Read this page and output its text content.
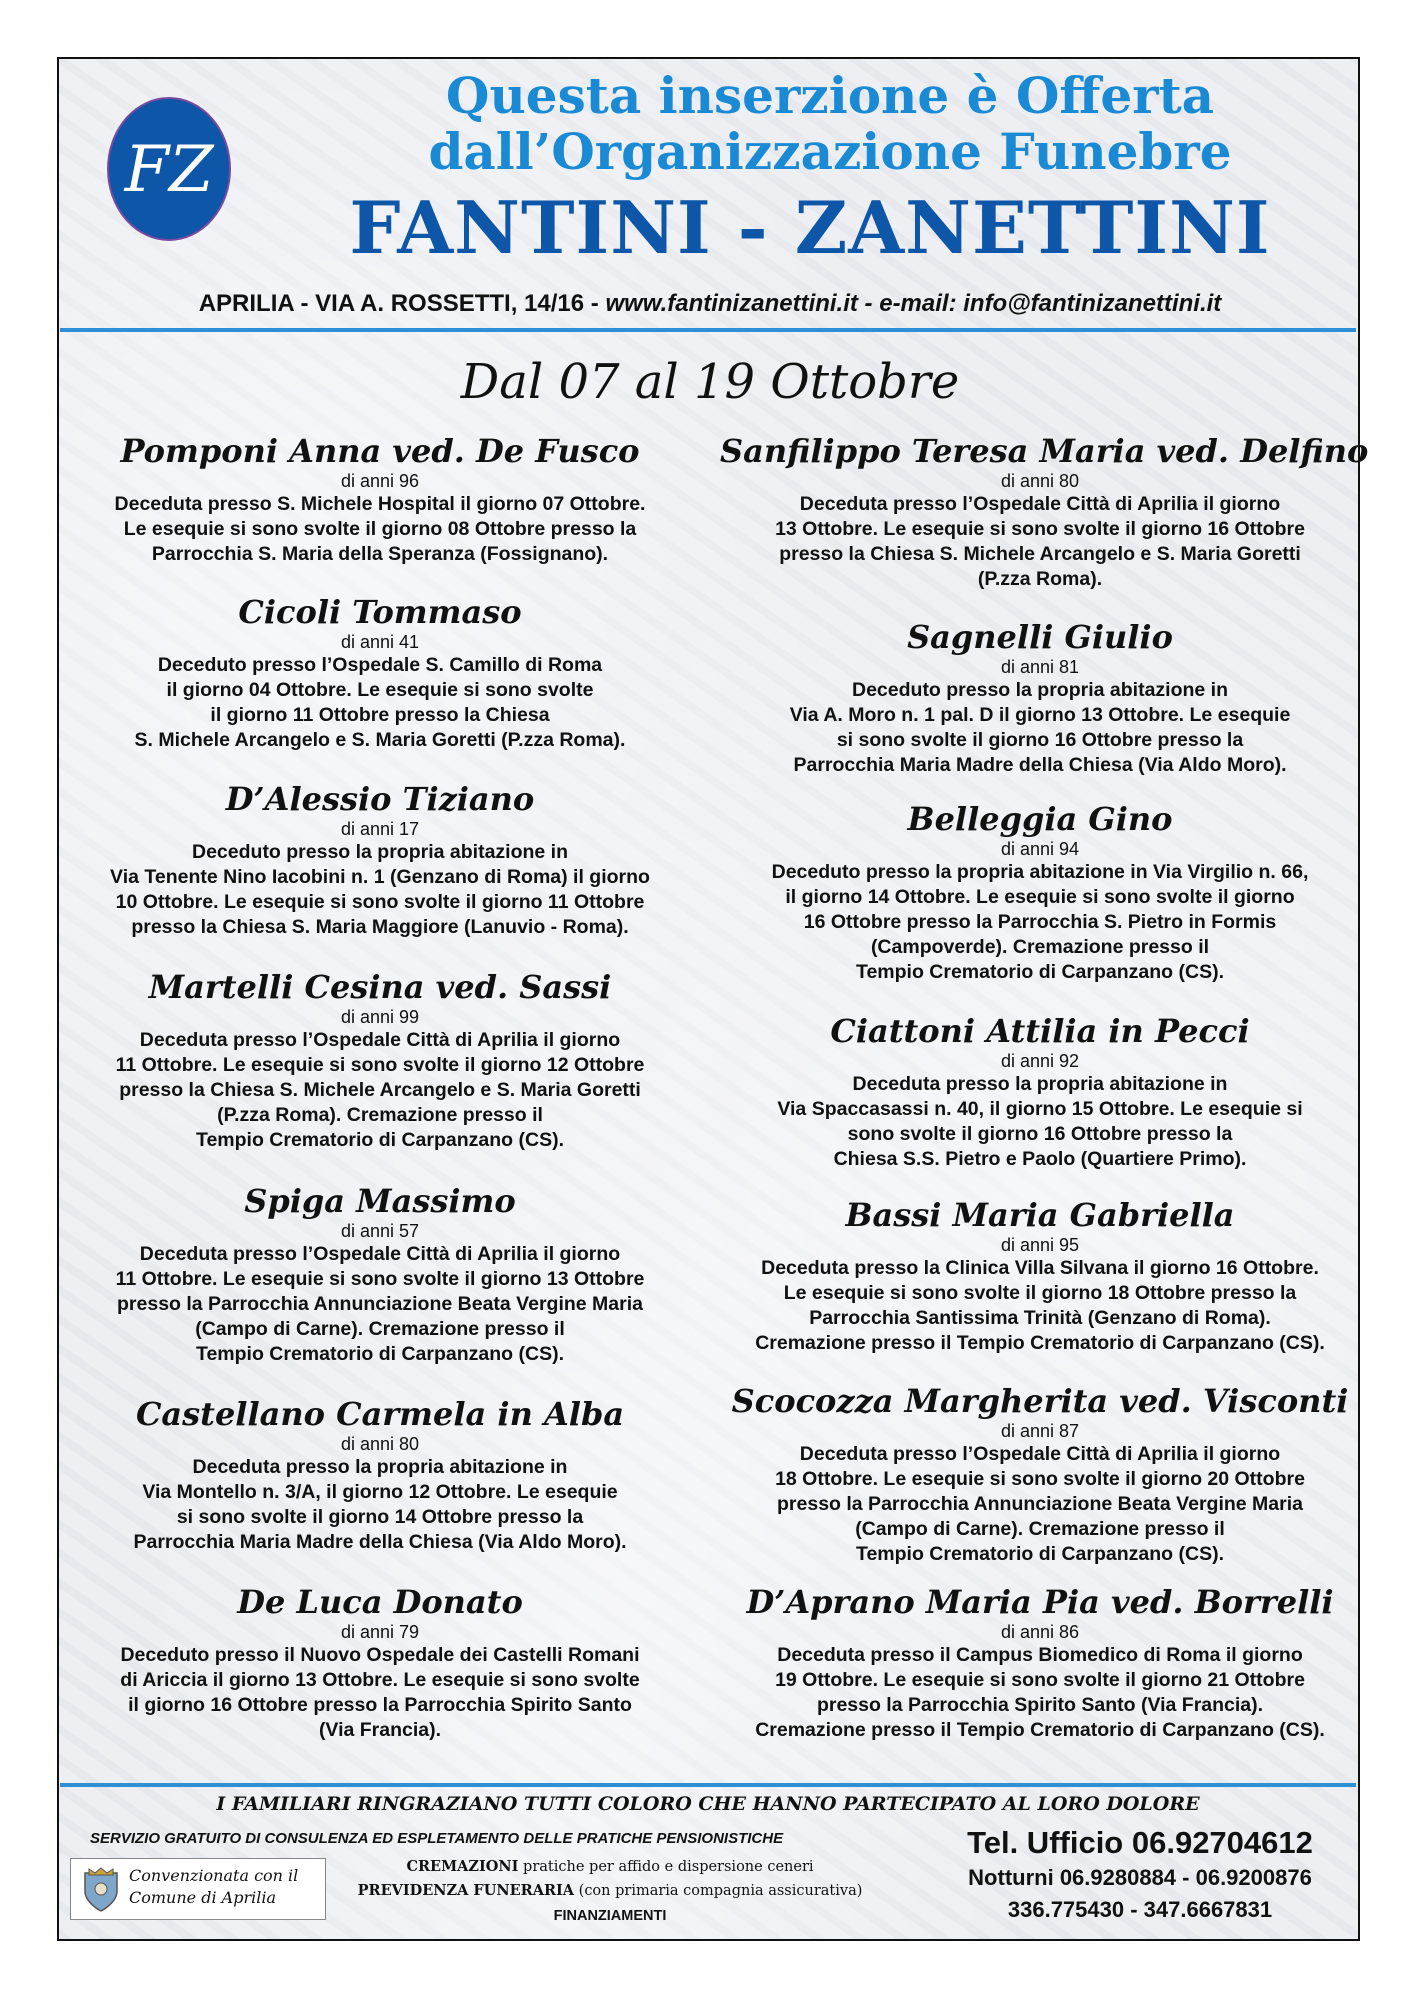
FZ
Questa inserzione è Offerta
dall’Organizzazione Funebre
FANTINI - ZANETTINI
APRILIA - VIA A. ROSSETTI, 14/16 - www.fantinizanettini.it - e-mail: info@fantinizanettini.it
Dal 07 al 19 Ottobre
Pomponi Anna ved. De Fusco
di anni 96
Deceduta presso S. Michele Hospital il giorno 07 Ottobre.
Le esequie si sono svolte il giorno 08 Ottobre presso la
Parrocchia S. Maria della Speranza (Fossignano).
Cicoli Tommaso
di anni 41
Deceduto presso l’Ospedale S. Camillo di Roma
il giorno 04 Ottobre. Le esequie si sono svolte
il giorno 11 Ottobre presso la Chiesa
S. Michele Arcangelo e S. Maria Goretti (P.zza Roma).
D’Alessio Tiziano
di anni 17
Deceduto presso la propria abitazione in
Via Tenente Nino Iacobini n. 1 (Genzano di Roma) il giorno
10 Ottobre. Le esequie si sono svolte il giorno 11 Ottobre
presso la Chiesa S. Maria Maggiore (Lanuvio - Roma).
Martelli Cesina ved. Sassi
di anni 99
Deceduta presso l’Ospedale Città di Aprilia il giorno
11 Ottobre. Le esequie si sono svolte il giorno 12 Ottobre
presso la Chiesa S. Michele Arcangelo e S. Maria Goretti
(P.zza Roma). Cremazione presso il
Tempio Crematorio di Carpanzano (CS).
Spiga Massimo
di anni 57
Deceduta presso l’Ospedale Città di Aprilia il giorno
11 Ottobre. Le esequie si sono svolte il giorno 13 Ottobre
presso la Parrocchia Annunciazione Beata Vergine Maria
(Campo di Carne). Cremazione presso il
Tempio Crematorio di Carpanzano (CS).
Castellano Carmela in Alba
di anni 80
Deceduta presso la propria abitazione in
Via Montello n. 3/A, il giorno 12 Ottobre. Le esequie
si sono svolte il giorno 14 Ottobre presso la
Parrocchia Maria Madre della Chiesa (Via Aldo Moro).
De Luca Donato
di anni 79
Deceduto presso il Nuovo Ospedale dei Castelli Romani
di Ariccia il giorno 13 Ottobre. Le esequie si sono svolte
il giorno 16 Ottobre presso la Parrocchia Spirito Santo
(Via Francia).
Sanfilippo Teresa Maria ved. Delfino
di anni 80
Deceduta presso l’Ospedale Città di Aprilia il giorno
13 Ottobre. Le esequie si sono svolte il giorno 16 Ottobre
presso la Chiesa S. Michele Arcangelo e S. Maria Goretti
(P.zza Roma).
Sagnelli Giulio
di anni 81
Deceduto presso la propria abitazione in
Via A. Moro n. 1 pal. D il giorno 13 Ottobre. Le esequie
si sono svolte il giorno 16 Ottobre presso la
Parrocchia Maria Madre della Chiesa (Via Aldo Moro).
Belleggia Gino
di anni 94
Deceduto presso la propria abitazione in Via Virgilio n. 66,
il giorno 14 Ottobre. Le esequie si sono svolte il giorno
16 Ottobre presso la Parrocchia S. Pietro in Formis
(Campoverde). Cremazione presso il
Tempio Crematorio di Carpanzano (CS).
Ciattoni Attilia in Pecci
di anni 92
Deceduta presso la propria abitazione in
Via Spaccasassi n. 40, il giorno 15 Ottobre. Le esequie si
sono svolte il giorno 16 Ottobre presso la
Chiesa S.S. Pietro e Paolo (Quartiere Primo).
Bassi Maria Gabriella
di anni 95
Deceduta presso la Clinica Villa Silvana il giorno 16 Ottobre.
Le esequie si sono svolte il giorno 18 Ottobre presso la
Parrocchia Santissima Trinità (Genzano di Roma).
Cremazione presso il Tempio Crematorio di Carpanzano (CS).
Scocozza Margherita ved. Visconti
di anni 87
Deceduta presso l’Ospedale Città di Aprilia il giorno
18 Ottobre. Le esequie si sono svolte il giorno 20 Ottobre
presso la Parrocchia Annunciazione Beata Vergine Maria
(Campo di Carne). Cremazione presso il
Tempio Crematorio di Carpanzano (CS).
D’Aprano Maria Pia ved. Borrelli
di anni 86
Deceduta presso il Campus Biomedico di Roma il giorno
19 Ottobre. Le esequie si sono svolte il giorno 21 Ottobre
presso la Parrocchia Spirito Santo (Via Francia).
Cremazione presso il Tempio Crematorio di Carpanzano (CS).
I FAMILIARI RINGRAZIANO TUTTI COLORO CHE HANNO PARTECIPATO AL LORO DOLORE
SERVIZIO GRATUITO DI CONSULENZA ED ESPLETAMENTO DELLE PRATICHE PENSIONISTICHE
Convenzionata con il
Comune di Aprilia
CREMAZIONI pratiche per affido e dispersione ceneri
PREVIDENZA FUNERARIA (con primaria compagnia assicurativa)
FINANZIAMENTI
Tel. Ufficio 06.92704612
Notturni 06.9280884 - 06.9200876
336.775430 - 347.6667831
